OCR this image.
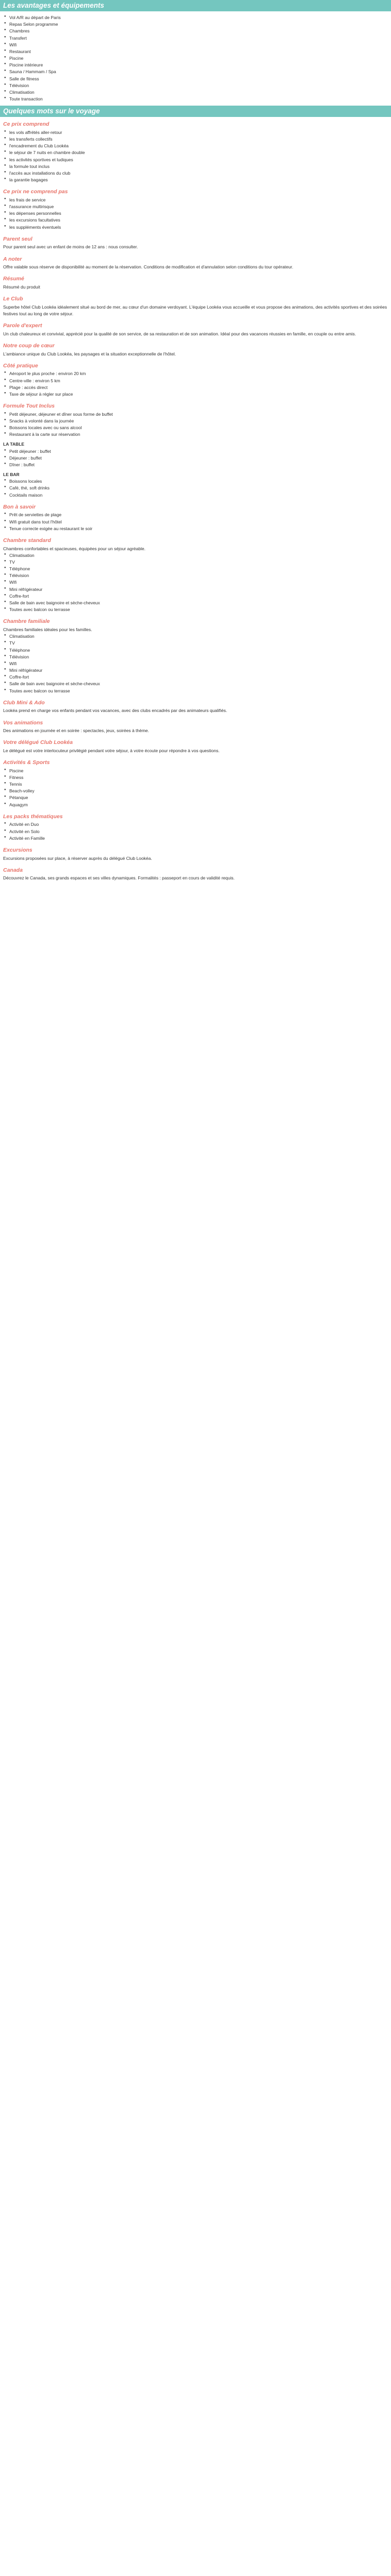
Les avantages et équipements
● Vol A/R au départ de Paris
● Repas Selon programme
● Chambres
● Transfert
● Wifi
● Restaurant
● Piscine
● Piscine intérieure
● Sauna / Hammam / Spa
● Salle de fitness
● Télévision
● Climatisation
● Toute transaction
Quelques mots sur le voyage
Ce prix comprend
● les vols affrétés aller-retour
● les transferts collectifs
● l'encadrement du Club Lookéa
● le séjour de 7 nuits en chambre double
● les activités sportives et ludiques
● la formule tout inclus
● l'accès aux installations du club
● la garantie bagages
Ce prix ne comprend pas
● les frais de service
● l'assurance multirisque
● les dépenses personnelles
● les excursions facultatives
● les suppléments éventuels
Parent seul

Pour parent seul avec un enfant de moins de 12 ans : nous consulter.

A noter

Offre valable sous réserve de disponibilité au moment de la réservation. Conditions de modification et d'annulation selon conditions du tour opérateur.

Résumé

Résumé du produit

Le Club

Superbe hôtel Club Lookéa idéalement situé au bord de mer, au cœur d'un domaine verdoyant. L'équipe Lookéa vous accueille et vous propose des animations, des activités sportives et des soirées festives tout au long de votre séjour.

Parole d'expert

Un club chaleureux et convivial, apprécié pour la qualité de son service, de sa restauration et de son animation. Idéal pour des vacances réussies en famille, en couple ou entre amis.

Notre coup de cœur

L'ambiance unique du Club Lookéa, les paysages et la situation exceptionnelle de l'hôtel.

Côté pratique
● Aéroport le plus proche : environ 20 km
● Centre-ville : environ 5 km
● Plage : accès direct
● Taxe de séjour à régler sur place
Formule Tout Inclus
● Petit déjeuner, déjeuner et dîner sous forme de buffet
● Snacks à volonté dans la journée
● Boissons locales avec ou sans alcool
● Restaurant à la carte sur réservation
LA TABLE
● Petit déjeuner : buffet
● Déjeuner : buffet
● Dîner : buffet
LE BAR
● Boissons locales
● Café, thé, soft drinks
● Cocktails maison
Bon à savoir
● Prêt de serviettes de plage
● Wifi gratuit dans tout l'hôtel
● Tenue correcte exigée au restaurant le soir
Chambre standard

Chambres confortables et spacieuses, équipées pour un séjour agréable.

● Climatisation
● TV
● Téléphone
● Télévision
● Wifi
● Mini réfrigérateur
● Coffre-fort
● Salle de bain avec baignoire et sèche-cheveux
● Toutes avec balcon ou terrasse
Chambre familiale

Chambres familiales idéales pour les familles.

● Climatisation
● TV
● Téléphone
● Télévision
● Wifi
● Mini réfrigérateur
● Coffre-fort
● Salle de bain avec baignoire et sèche-cheveux
● Toutes avec balcon ou terrasse
Club Mini & Ado

Lookéa prend en charge vos enfants pendant vos vacances, avec des clubs encadrés par des animateurs qualifiés.

Vos animations

Des animations en journée et en soirée : spectacles, jeux, soirées à thème.

Votre délégué Club Lookéa

Le délégué est votre interlocuteur privilégié pendant votre séjour, à votre écoute pour répondre à vos questions.

Activités & Sports
● Piscine
● Fitness
● Tennis
● Beach-volley
● Pétanque
● Aquagym
Les packs thématiques
● Activité en Duo
● Activité en Solo
● Activité en Famille
Excursions

Excursions proposées sur place, à réserver auprès du délégué Club Lookéa.

Canada

Découvrez le Canada, ses grands espaces et ses villes dynamiques. Formalités : passeport en cours de validité requis.
